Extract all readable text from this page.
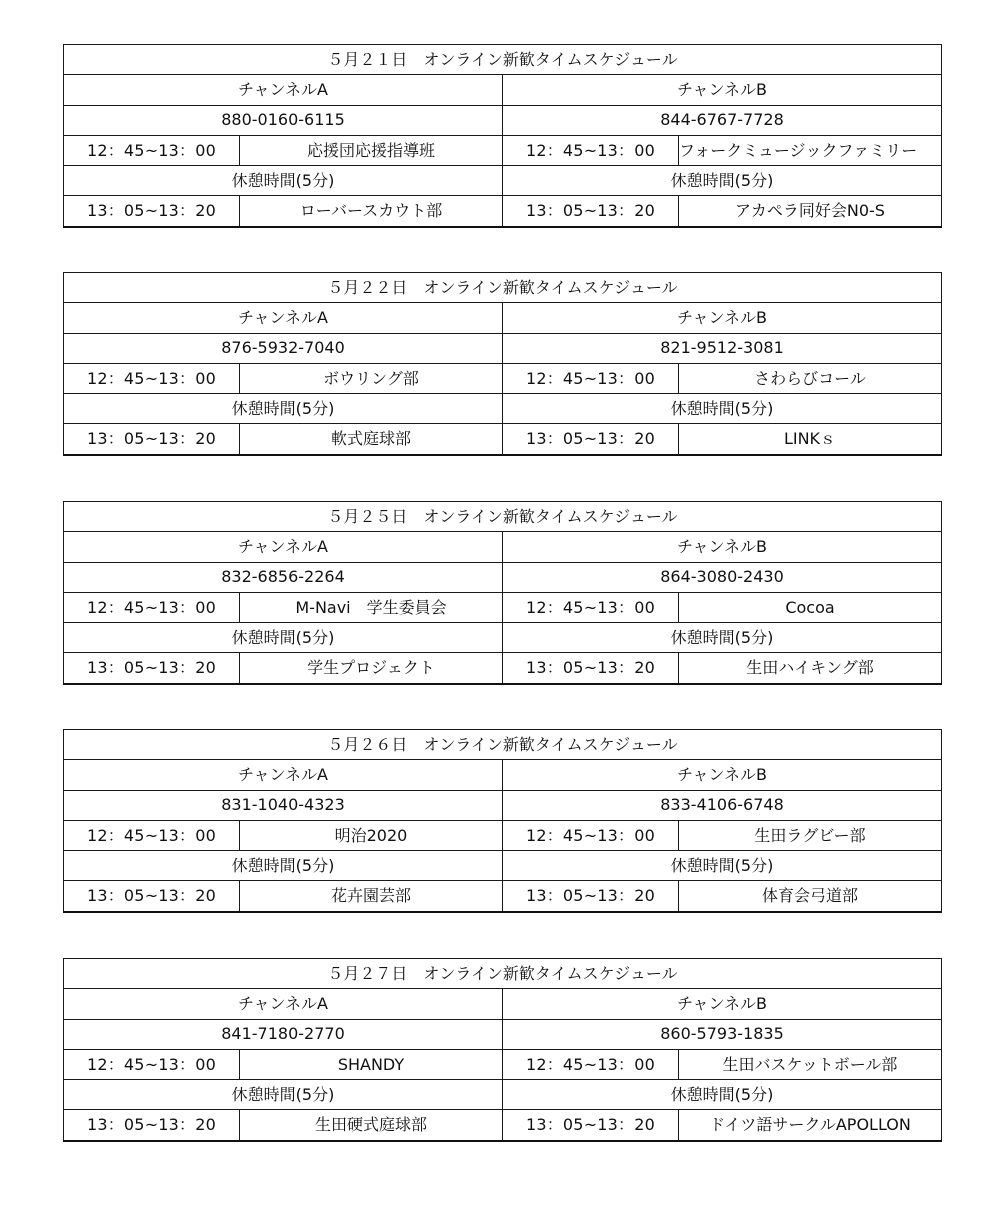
５月２１日　オンライン新歓タイムスケジュール			
チャンネルA		チャンネルB	
880-0160-6115		844-6767-7728	
12：45~13：00	応援団応援指導班	12：45~13：00	フォークミュージックファミリー
休憩時間(5分)		休憩時間(5分)	
13：05~13：20	ローバースカウト部	13：05~13：20	アカペラ同好会N0-S
５月２２日　オンライン新歓タイムスケジュール			
チャンネルA		チャンネルB	
876-5932-7040		821-9512-3081	
12：45~13：00	ボウリング部	12：45~13：00	さわらびコール
休憩時間(5分)		休憩時間(5分)	
13：05~13：20	軟式庭球部	13：05~13：20	LINKｓ
５月２５日　オンライン新歓タイムスケジュール			
チャンネルA		チャンネルB	
832-6856-2264		864-3080-2430	
12：45~13：00	M-Navi　学生委員会	12：45~13：00	Cocoa
休憩時間(5分)		休憩時間(5分)	
13：05~13：20	学生プロジェクト	13：05~13：20	生田ハイキング部
５月２６日　オンライン新歓タイムスケジュール			
チャンネルA		チャンネルB	
831-1040-4323		833-4106-6748	
12：45~13：00	明治2020	12：45~13：00	生田ラグビー部
休憩時間(5分)		休憩時間(5分)	
13：05~13：20	花卉園芸部	13：05~13：20	体育会弓道部
５月２７日　オンライン新歓タイムスケジュール			
チャンネルA		チャンネルB	
841-7180-2770		860-5793-1835	
12：45~13：00	SHANDY	12：45~13：00	生田バスケットボール部
休憩時間(5分)		休憩時間(5分)	
13：05~13：20	生田硬式庭球部	13：05~13：20	ドイツ語サークルAPOLLON
